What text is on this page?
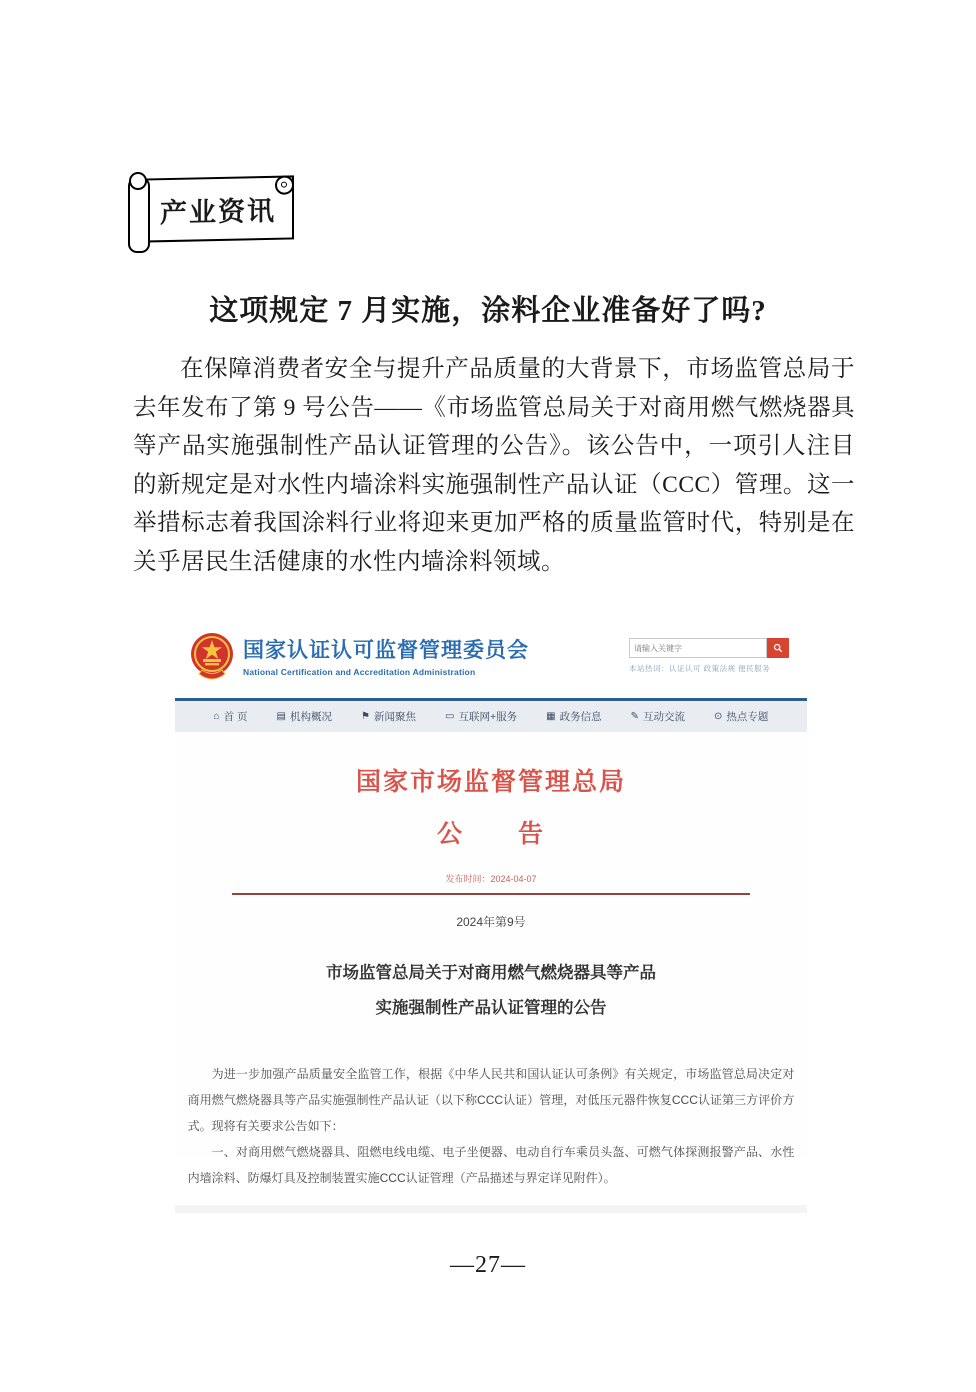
产业资讯
这项规定 7 月实施，涂料企业准备好了吗?
在保障消费者安全与提升产品质量的大背景下，市场监管总局于去年发布了第 9 号公告——《市场监管总局关于对商用燃气燃烧器具等产品实施强制性产品认证管理的公告》。该公告中，一项引人注目的新规定是对水性内墙涂料实施强制性产品认证（CCC）管理。这一举措标志着我国涂料行业将迎来更加严格的质量监管时代，特别是在关乎居民生活健康的水性内墙涂料领域。
国家认证认可监督管理委员会
National Certification and Accreditation Administration
请输入关键字	本站热词：认证认可 政策法规 便民服务
⌂ 首 页	▤ 机构概况	⚑ 新闻聚焦	▭ 互联网+服务	▦ 政务信息	✎ 互动交流	⊙ 热点专题
国家市场监督管理总局
公　　告
发布时间：2024-04-07
2024年第9号
市场监管总局关于对商用燃气燃烧器具等产品
实施强制性产品认证管理的公告

为进一步加强产品质量安全监管工作，根据《中华人民共和国认证认可条例》有关规定，市场监管总局决定对商用燃气燃烧器具等产品实施强制性产品认证（以下称CCC认证）管理，对低压元器件恢复CCC认证第三方评价方式。现将有关要求公告如下：

一、对商用燃气燃烧器具、阻燃电线电缆、电子坐便器、电动自行车乘员头盔、可燃气体探测报警产品、水性内墙涂料、防爆灯具及控制装置实施CCC认证管理（产品描述与界定详见附件）。

—27—
